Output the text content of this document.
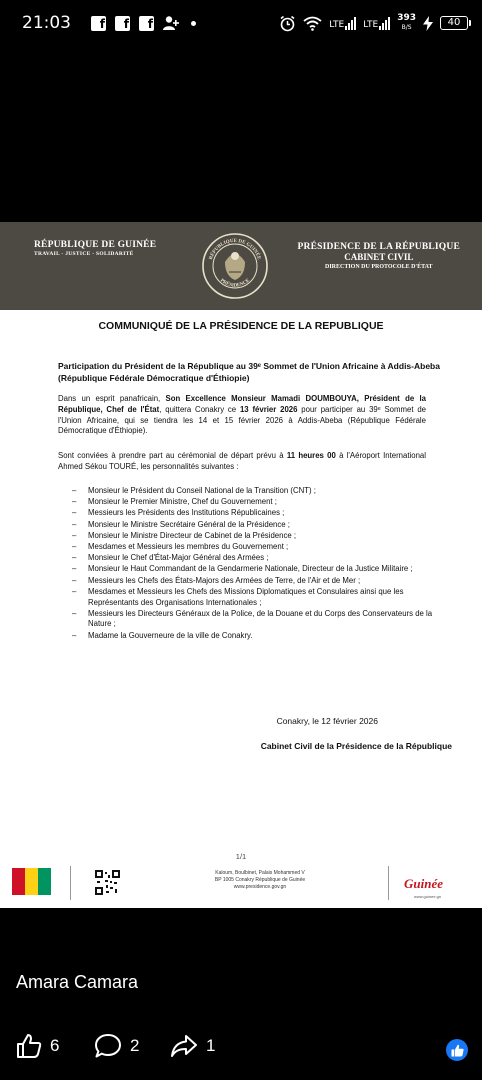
21:03	f	f	f	LTE LTE
393
B/S	40
RÉPUBLIQUE DE GUINÉE
TRAVAIL - JUSTICE - SOLIDARITÉ
RÉPUBLIQUE DE GUINÉE
PRÉSIDENCE
PRÉSIDENCE DE LA RÉPUBLIQUE
CABINET CIVIL
DIRECTION DU PROTOCOLE D'ÉTAT
COMMUNIQUÉ DE LA PRÉSIDENCE DE LA REPUBLIQUE
Participation du Président de la République au 39ᵉ Sommet de l'Union Africaine à Addis-Abeba (République Fédérale Démocratique d'Éthiopie)

Dans un esprit panafricain, Son Excellence Monsieur Mamadi DOUMBOUYA, Président de la République, Chef de l'État, quittera Conakry ce 13 février 2026 pour participer au 39ᵉ Sommet de l'Union Africaine, qui se tiendra les 14 et 15 février 2026 à Addis-Abeba (République Fédérale Démocratique d'Éthiopie).

Sont conviées à prendre part au cérémonial de départ prévu à 11 heures 00 à l'Aéroport International Ahmed Sékou TOURÉ, les personnalités suivantes :

– Monsieur le Président du Conseil National de la Transition (CNT) ;
– Monsieur le Premier Ministre, Chef du Gouvernement ;
– Messieurs les Présidents des Institutions Républicaines ;
– Monsieur le Ministre Secrétaire Général de la Présidence ;
– Monsieur le Ministre Directeur de Cabinet de la Présidence ;
– Mesdames et Messieurs les membres du Gouvernement ;
– Monsieur le Chef d'État-Major Général des Armées ;
– Monsieur le Haut Commandant de la Gendarmerie Nationale, Directeur de la Justice Militaire ;
– Messieurs les Chefs des États-Majors des Armées de Terre, de l'Air et de Mer ;
– Mesdames et Messieurs les Chefs des Missions Diplomatiques et Consulaires ainsi que les Représentants des Organisations Internationales ;
– Messieurs les Directeurs Généraux de la Police, de la Douane et du Corps des Conservateurs de la Nature ;
– Madame la Gouverneure de la ville de Conakry.
Conakry, le 12 février 2026
Cabinet Civil de la Présidence de la République
1/1
Kaloum, Boulbinet, Palais Mohammed V
BP 1005 Conakry République de Guinée
www.presidence.gov.gn	Guinée
www.guinee.gn
Amara Camara
6	2	1
